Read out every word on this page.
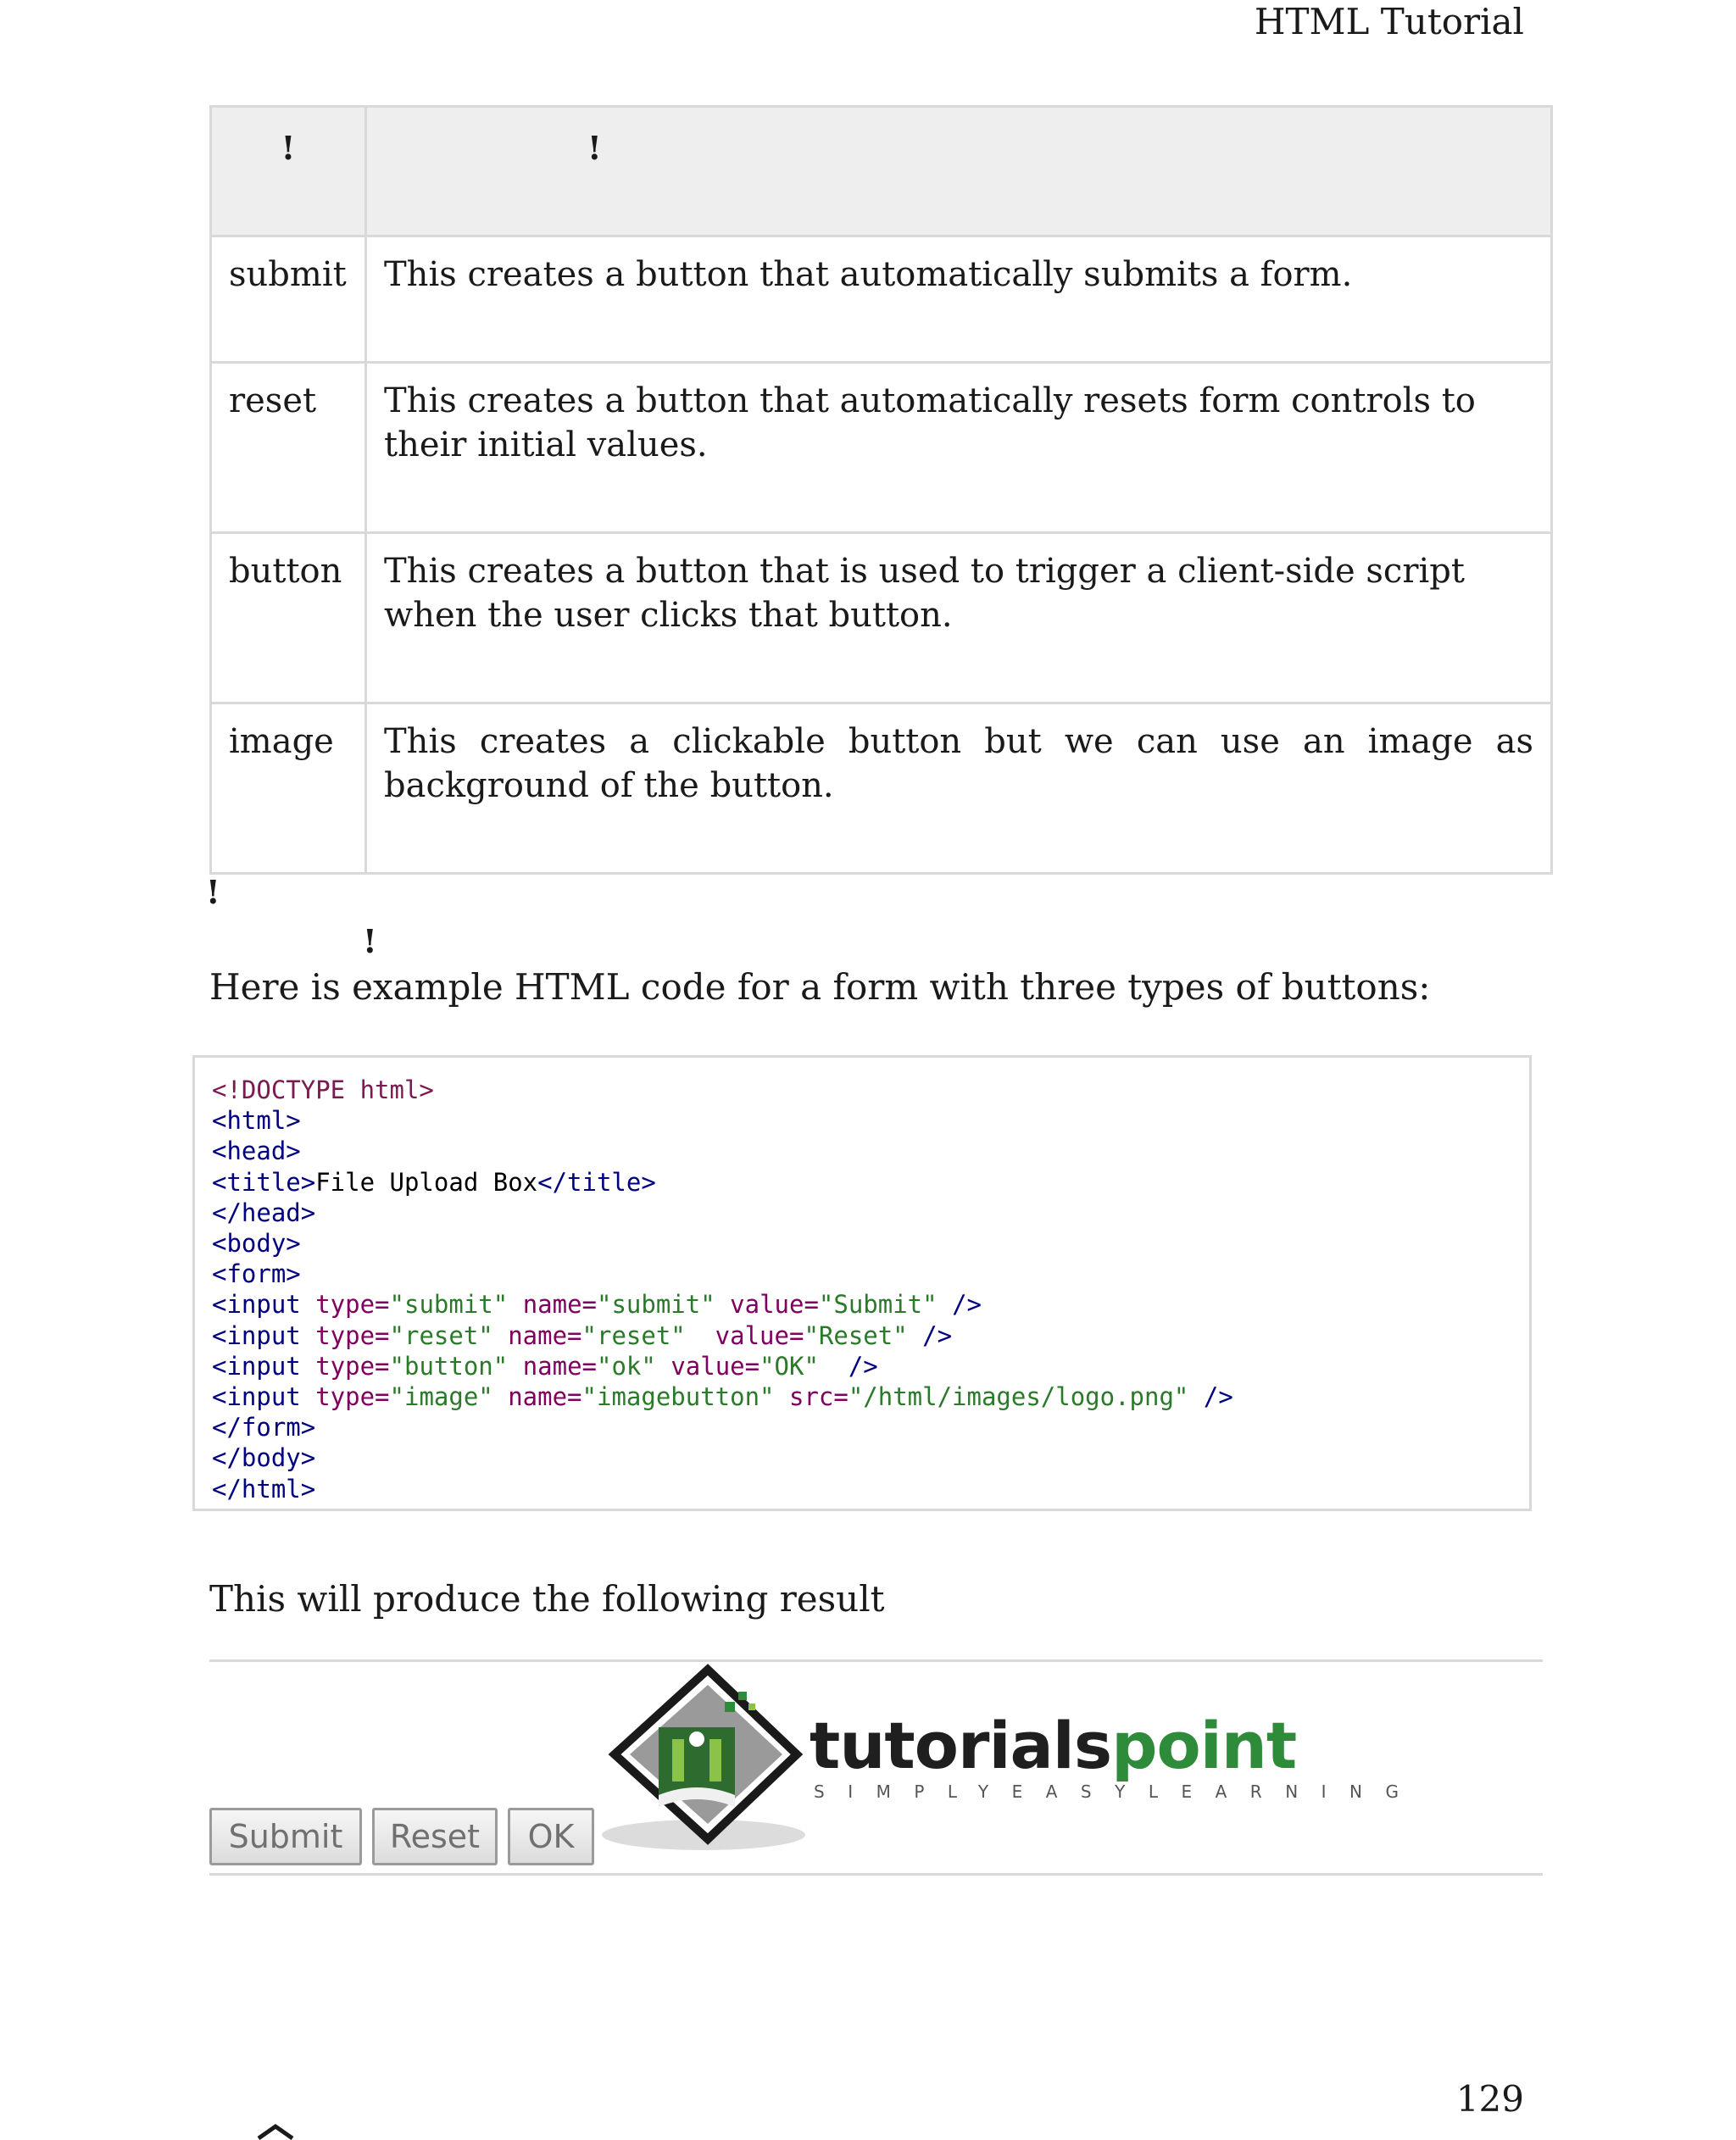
HTML Tutorial
!	!
submit	This creates a button that automatically submits a form.
reset	This creates a button that automatically resets form controls to their initial values.
button	This creates a button that is used to trigger a client-side script when the user clicks that button.
image	This creates a clickable button but we can use an image as background of the button.
!
!
Here is example HTML code for a form with three types of buttons:
<!DOCTYPE html>
<html>
<head>
<title>File Upload Box</title>
</head>
<body>
<form>
<input type="submit" name="submit" value="Submit" />
<input type="reset" name="reset" value="Reset" />
<input type="button" name="ok" value="OK" />
<input type="image" name="imagebutton" src="/html/images/logo.png" />
</form>
</body>
</html>
This will produce the following result
Submit	Reset	OK
tutorialspoint
SIMPLYEASYLEARNING
129
